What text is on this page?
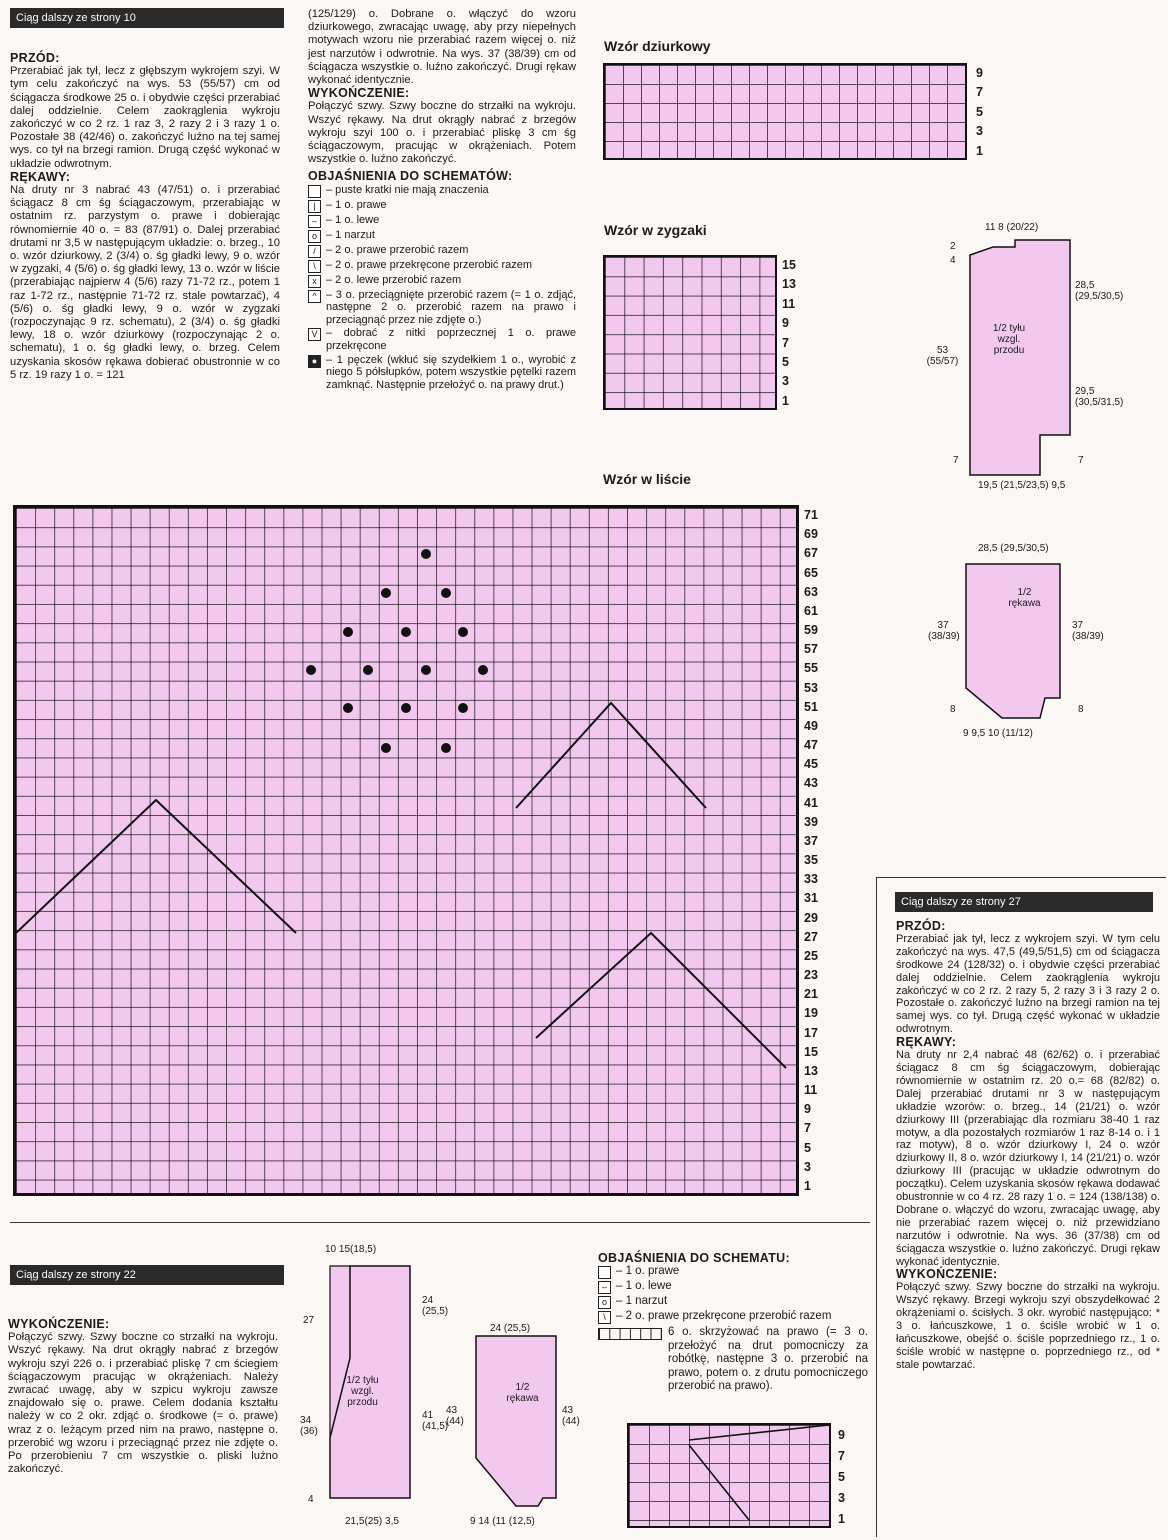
Ciąg dalszy ze strony 10

PRZÓD:

Przerabiać jak tył, lecz z głębszym wykrojem szyi. W tym celu zakończyć na wys. 53 (55/57) cm od ściągacza środkowe 25 o. i obydwie części przerabiać dalej oddzielnie. Celem zaokrąglenia wykroju zakończyć w co 2 rz. 1 raz 3, 2 razy 2 i 3 razy 1 o. Pozostałe 38 (42/46) o. zakończyć luźno na tej samej wys. co tył na brzegi ramion. Drugą część wykonać w układzie odwrotnym.

RĘKAWY:

Na druty nr 3 nabrać 43 (47/51) o. i przerabiać ściągacz 8 cm śg ściągaczowym, przerabiając w ostatnim rz. parzystym o. prawe i dobierając równomiernie 40 o. = 83 (87/91) o. Dalej przerabiać drutami nr 3,5 w następującym układzie: o. brzeg., 10 o. wzór dziurkowy, 2 (3/4) o. śg gładki lewy, 9 o. wzór w zygzaki, 4 (5/6) o. śg gładki lewy, 13 o. wzór w liście (przerabiając najpierw 4 (5/6) razy 71-72 rz., potem 1 raz 1-72 rz., następnie 71-72 rz. stale powtarzać), 4 (5/6) o. śg gładki lewy, 9 o. wzór w zygzaki (rozpoczynając 9 rz. schematu), 2 (3/4) o. śg gładki lewy, 18 o. wzór dziurkowy (rozpoczynając 2 o. schematu), 1 o. śg gładki lewy, o. brzeg. Celem uzyskania skosów rękawa dobierać obustronnie w co 5 rz. 19 razy 1 o. = 121

(125/129) o. Dobrane o. włączyć do wzoru dziurkowego, zwracając uwagę, aby przy niepełnych motywach wzoru nie przerabiać razem więcej o. niż jest narzutów i odwrotnie. Na wys. 37 (38/39) cm od ściągacza wszystkie o. luźno zakończyć. Drugi rękaw wykonać identycznie.

WYKOŃCZENIE:

Połączyć szwy. Szwy boczne do strzałki na wykroju. Wszyć rękawy. Na drut okrągły nabrać z brzegów wykroju szyi 100 o. i przerabiać pliskę 3 cm śg ściągaczowym, pracując w okrążeniach. Potem wszystkie o. luźno zakończyć.

OBJAŚNIENIA DO SCHEMATÓW:

– puste kratki nie mają znaczenia
| – 1 o. prawe
– – 1 o. lewe
o – 1 narzut
/ – 2 o. prawe przerobić razem
\ – 2 o. prawe przekręcone przerobić razem
x – 2 o. lewe przerobić razem
^ – 3 o. przeciągnięte przerobić razem (= 1 o. zdjąć, następne 2 o. przerobić razem na prawo i przeciągnąć przez nie zdjęte o.)
V – dobrać z nitki poprzecznej 1 o. prawe przekręcone
● – 1 pęczek (wkłuć się szydełkiem 1 o., wyrobić z niego 5 półsłupków, potem wszystkie pętelki razem zamknąć. Następnie przełożyć o. na prawy drut.)
Wzór dziurkowy
9
7
5
3
1
Wzór w zygzaki
15
13
11
9
7
5
3
1
Wzór w liście
71
69
67
65
63
61
59
57
55
53
51
49
47
45
43
41
39
37
35
33
31
29
27
25
23
21
19
17
15
13
11
9
7
5
3
1
11 8 (20/22)
53 (55/57)
28,5 (29,5/30,5)
29,5 (30,5/31,5)
1/2 tyłu wzgl. przodu
2
4
7	7
19,5 (21,5/23,5) 9,5
28,5 (29,5/30,5)
1/2 rękawa
37 (38/39)
37 (38/39)
8	8
9 9,5 10 (11/12)
Ciąg dalszy ze strony 27

PRZÓD:

Przerabiać jak tył, lecz z wykrojem szyi. W tym celu zakończyć na wys. 47,5 (49,5/51,5) cm od ściągacza środkowe 24 (128/32) o. i obydwie części przerabiać dalej oddzielnie. Celem zaokrąglenia wykroju zakończyć w co 2 rz. 2 razy 5, 2 razy 3 i 3 razy 2 o. Pozostałe o. zakończyć luźno na brzegi ramion na tej samej wys. co tył. Drugą część wykonać w układzie odwrotnym.

RĘKAWY:

Na druty nr 2,4 nabrać 48 (62/62) o. i przerabiać ściągacz 8 cm śg ściągaczowym, dobierając równomiernie w ostatnim rz. 20 o.= 68 (82/82) o. Dalej przerabiać drutami nr 3 w następującym układzie wzorów: o. brzeg., 14 (21/21) o. wzór dziurkowy III (przerabiając dla rozmiaru 38-40 1 raz motyw, a dla pozostałych rozmiarów 1 raz 8-14 o. i 1 raz motyw), 8 o. wzór dziurkowy I, 24 o. wzór dziurkowy II, 8 o. wzór dziurkowy I, 14 (21/21) o. wzór dziurkowy III (pracując w układzie odwrotnym do początku). Celem uzyskania skosów rękawa dodawać obustronnie w co 4 rz. 28 razy 1 o. = 124 (138/138) o. Dobrane o. włączyć do wzoru, zwracając uwagę, aby nie przerabiać razem więcej o. niż przewidziano narzutów i odwrotnie. Na wys. 36 (37/38) cm od ściągacza wszystkie o. luźno zakończyć. Drugi rękaw wykonać identycznie.

WYKOŃCZENIE:

Połączyć szwy. Szwy boczne do strzałki na wykroju. Wszyć rękawy. Brzegi wykroju szyi obszydełkować 2 okrążeniami o. ścisłych. 3 okr. wyrobić następująco: * 3 o. łańcuszkowe, 1 o. ściśle wrobić w 1 o. łańcuszkowe, obejść o. ściśle poprzedniego rz., 1 o. ściśle wrobić w następne o. poprzedniego rz., od * stale powtarzać.

Ciąg dalszy ze strony 22

WYKOŃCZENIE:

Połączyć szwy. Szwy boczne co strzałki na wykroju. Wszyć rękawy. Na drut okrągły nabrać z brzegów wykroju szyi 226 o. i przerabiać pliskę 7 cm ściegiem ściągaczowym pracując w okrążeniach. Należy zwracać uwagę, aby w szpicu wykroju zawsze znajdowało się o. prawe. Celem dodania kształtu należy w co 2 okr. zdjąć o. środkowe (= o. prawe) wraz z o. leżącym przed nim na prawo, następne o. przerobić wg wzoru i przeciągnąć przez nie zdjęte o. Po przerobieniu 7 cm wszystkie o. pliski luźno zakończyć.

10 15(18,5)
1/2 tyłu wzgl. przodu
24 (25,5)
27
34 (36)
41 (41,5)
4
21,5(25) 3,5
24 (25,5)
1/2 rękawa
43 (44)
43 (44)
9 14 (11 (12,5)

OBJAŚNIENIA DO SCHEMATU:

– 1 o. prawe
– – 1 o. lewe
o – 1 narzut
\ – 2 o. prawe przekręcone przerobić razem
6 o. skrzyżować na prawo (= 3 o. przełożyć na drut pomocniczy za robótkę, następne 3 o. przerobić na prawo, potem o. z drutu pomocniczego przerobić na prawo).
9
7
5
3
1
